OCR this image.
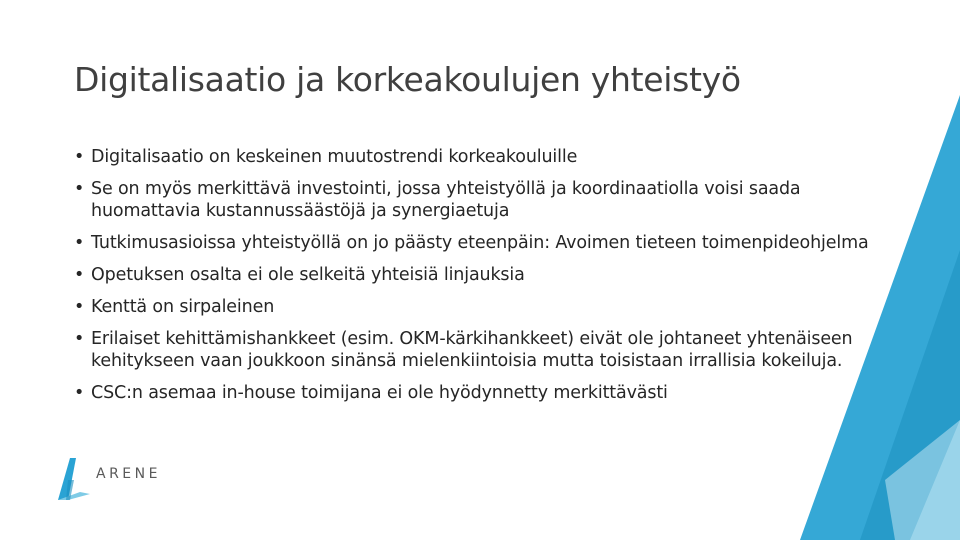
Digitalisaatio ja korkeakoulujen yhteistyö
• Digitalisaatio on keskeinen muutostrendi korkeakouluille
• Se on myös merkittävä investointi, jossa yhteistyöllä ja koordinaatiolla voisi saada huomattavia kustannussäästöjä ja synergiaetuja
• Tutkimusasioissa yhteistyöllä on jo päästy eteenpäin: Avoimen tieteen toimenpideohjelma
• Opetuksen osalta ei ole selkeitä yhteisiä linjauksia
• Kenttä on sirpaleinen
• Erilaiset kehittämishankkeet (esim. OKM-kärkihankkeet) eivät ole johtaneet yhtenäiseen kehitykseen vaan joukkoon sinänsä mielenkiintoisia mutta toisistaan irrallisia kokeiluja.
• CSC:n asemaa in-house toimijana ei ole hyödynnetty merkittävästi
ARENE
